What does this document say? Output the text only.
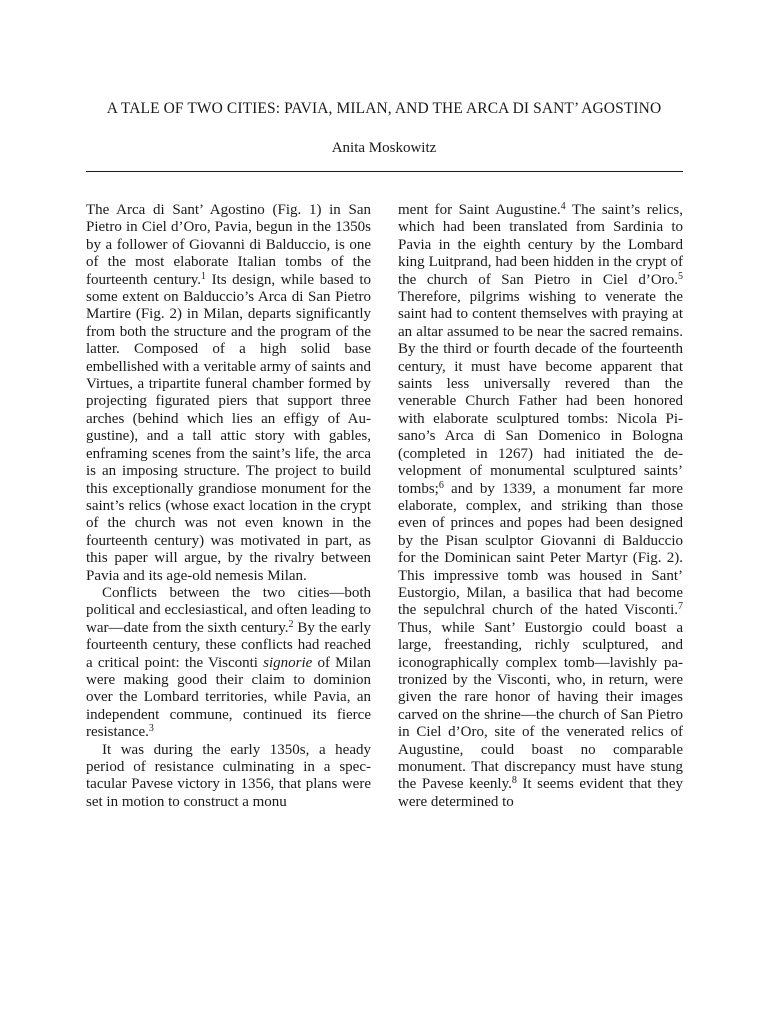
A TALE OF TWO CITIES: PAVIA, MILAN, AND THE ARCA DI SANT’ AGOSTINO
Anita Moskowitz

The Arca di Sant’ Agostino (Fig. 1) in San Pietro in Ciel d’Oro, Pavia, begun in the 1350s by a follower of Giovanni di Balduccio, is one of the most elaborate Italian tombs of the fourteenth century.$^1$ Its design, while based to some extent on Balduccio’s Arca di San Pietro Martire (Fig. 2) in Milan, departs significantly from both the structure and the program of the latter. Composed of a high solid base embellished with a veritable army of saints and Virtues, a tripartite funeral chamber formed by projecting figurated piers that support three arches (behind which lies an effigy of Augustine), and a tall attic story with gables, enframing scenes from the saint’s life, the arca is an imposing structure. The project to build this exceptionally grandiose monument for the saint’s relics (whose exact location in the crypt of the church was not even known in the fourteenth century) was motivated in part, as this paper will argue, by the rivalry between Pavia and its age-old nemesis Milan.

Conflicts between the two cities—both political and ecclesiastical, and often leading to war—date from the sixth century.$^2$ By the early fourteenth century, these conflicts had reached a critical point: the Visconti signorie of Milan were making good their claim to dominion over the Lombard territories, while Pavia, an independent commune, continued its fierce resistance.$^3$

It was during the early 1350s, a heady period of resistance culminating in a spectacular Pavese victory in 1356, that plans were set in motion to construct a monu

ment for Saint Augustine.$^4$ The saint’s relics, which had been translated from Sardinia to Pavia in the eighth century by the Lombard king Luitprand, had been hidden in the crypt of the church of San Pietro in Ciel d’Oro.$^5$ Therefore, pilgrims wishing to venerate the saint had to content themselves with praying at an altar assumed to be near the sacred remains. By the third or fourth decade of the fourteenth century, it must have become apparent that saints less universally revered than the venerable Church Father had been honored with elaborate sculptured tombs: Nicola Pisano’s Arca di San Domenico in Bologna (completed in 1267) had initiated the development of monumental sculptured saints’ tombs;$^6$ and by 1339, a monument far more elaborate, complex, and striking than those even of princes and popes had been designed by the Pisan sculptor Giovanni di Balduccio for the Dominican saint Peter Martyr (Fig. 2). This impressive tomb was housed in Sant’ Eustorgio, Milan, a basilica that had become the sepulchral church of the hated Visconti.$^7$ Thus, while Sant’ Eustorgio could boast a large, freestanding, richly sculptured, and iconographically complex tomb—lavishly patronized by the Visconti, who, in return, were given the rare honor of having their images carved on the shrine—the church of San Pietro in Ciel d’Oro, site of the venerated relics of Augustine, could boast no comparable monument. That discrepancy must have stung the Pavese keenly.$^8$ It seems evident that they were determined to
